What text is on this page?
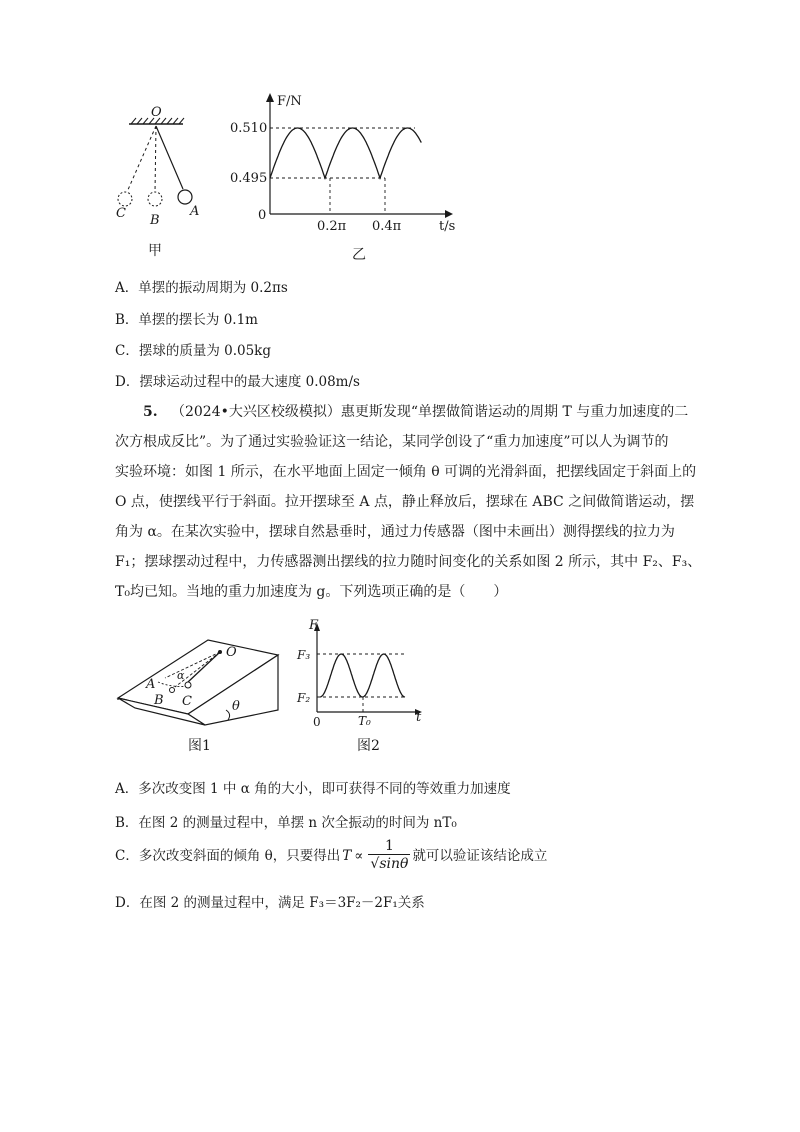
O
A
B
C
甲
F/N
t/s
0
0.510
0.495
0.2π 0.4π
乙
A．单摆的振动周期为 0.2πs
B．单摆的摆长为 0.1m
C．摆球的质量为 0.05kg
D．摆球运动过程中的最大速度 0.08m/s
5. （2024•大兴区校级模拟）惠更斯发现“单摆做简谐运动的周期 T 与重力加速度的二
次方根成反比”。为了通过实验验证这一结论，某同学创设了“重力加速度”可以人为调节的
实验环境：如图 1 所示，在水平地面上固定一倾角 θ 可调的光滑斜面，把摆线固定于斜面上的
O 点，使摆线平行于斜面。拉开摆球至 A 点，静止释放后，摆球在 ABC 之间做简谐运动，摆
角为 α。在某次实验中，摆球自然悬垂时，通过力传感器（图中未画出）测得摆线的拉力为
F₁；摆球摆动过程中，力传感器测出摆线的拉力随时间变化的关系如图 2 所示，其中 F₂、F₃、
T₀均已知。当地的重力加速度为 g。下列选项正确的是（　　）
θ
O
A
B C
α
图1
F
t
0
F₃
F₂
T₀
图2
A．多次改变图 1 中 α 角的大小，即可获得不同的等效重力加速度
B．在图 2 的测量过程中，单摆 n 次全振动的时间为 nT₀
C．多次改变斜面的倾角 θ，只要得出 $T \propto \frac{1}{√\sin\theta}$ 就可以验证该结论成立
D．在图 2 的测量过程中，满足 F₃＝3F₂－2F₁关系
